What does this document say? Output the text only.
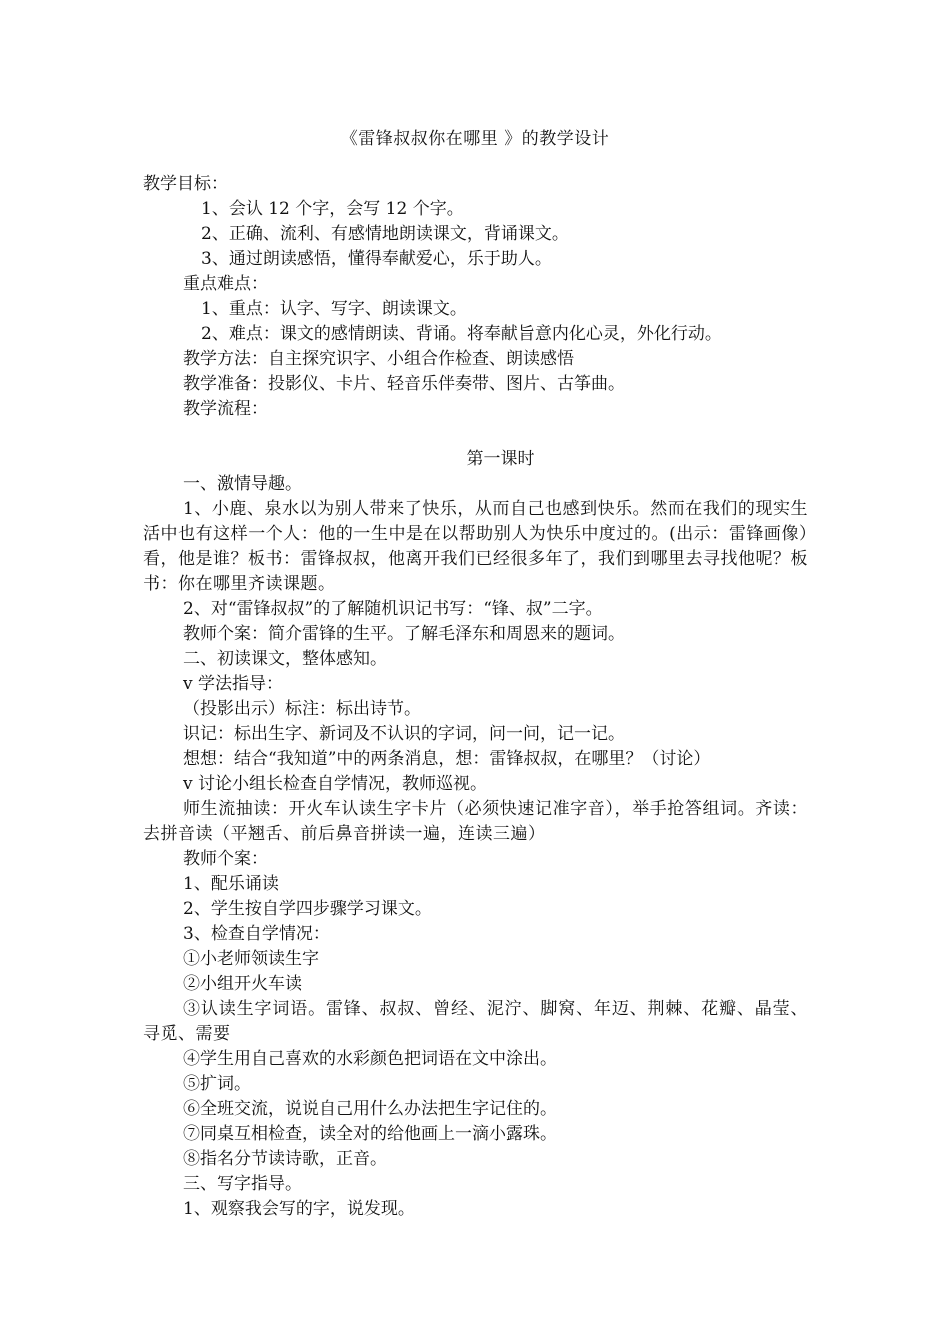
《雷锋叔叔你在哪里 》的教学设计
教学目标：
1、会认 12 个字，会写 12 个字。
2、正确、流利、有感情地朗读课文，背诵课文。
3、通过朗读感悟，懂得奉献爱心，乐于助人。
重点难点：
1、重点：认字、写字、朗读课文。
2、难点：课文的感情朗读、背诵。将奉献旨意内化心灵，外化行动。
教学方法：自主探究识字、小组合作检查、朗读感悟
教学准备：投影仪、卡片、轻音乐伴奏带、图片、古筝曲。
教学流程：
第一课时
一、激情导趣。
1、小鹿、泉水以为别人带来了快乐，从而自己也感到快乐。然而在我们的现实生活中也有这样一个人：他的一生中是在以帮助别人为快乐中度过的。(出示：雷锋画像）看，他是谁？板书：雷锋叔叔，他离开我们已经很多年了，我们到哪里去寻找他呢？板书：你在哪里齐读课题。
2、对“雷锋叔叔”的了解随机识记书写：“锋、叔”二字。
教师个案：简介雷锋的生平。了解毛泽东和周恩来的题词。
二、初读课文，整体感知。
v 学法指导：
（投影出示）标注：标出诗节。
识记：标出生字、新词及不认识的字词，问一问，记一记。
想想：结合“我知道”中的两条消息，想：雷锋叔叔，在哪里？（讨论）
v 讨论小组长检查自学情况，教师巡视。
师生流抽读：开火车认读生字卡片（必须快速记准字音），举手抢答组词。齐读：去拼音读（平翘舌、前后鼻音拼读一遍，连读三遍）
教师个案：
1、配乐诵读
2、学生按自学四步骤学习课文。
3、检查自学情况：
①小老师领读生字
②小组开火车读
③认读生字词语。雷锋、叔叔、曾经、泥泞、脚窝、年迈、荆棘、花瓣、晶莹、寻觅、需要
④学生用自己喜欢的水彩颜色把词语在文中涂出。
⑤扩词。
⑥全班交流，说说自己用什么办法把生字记住的。
⑦同桌互相检查，读全对的给他画上一滴小露珠。
⑧指名分节读诗歌，正音。
三、写字指导。
1、观察我会写的字，说发现。
